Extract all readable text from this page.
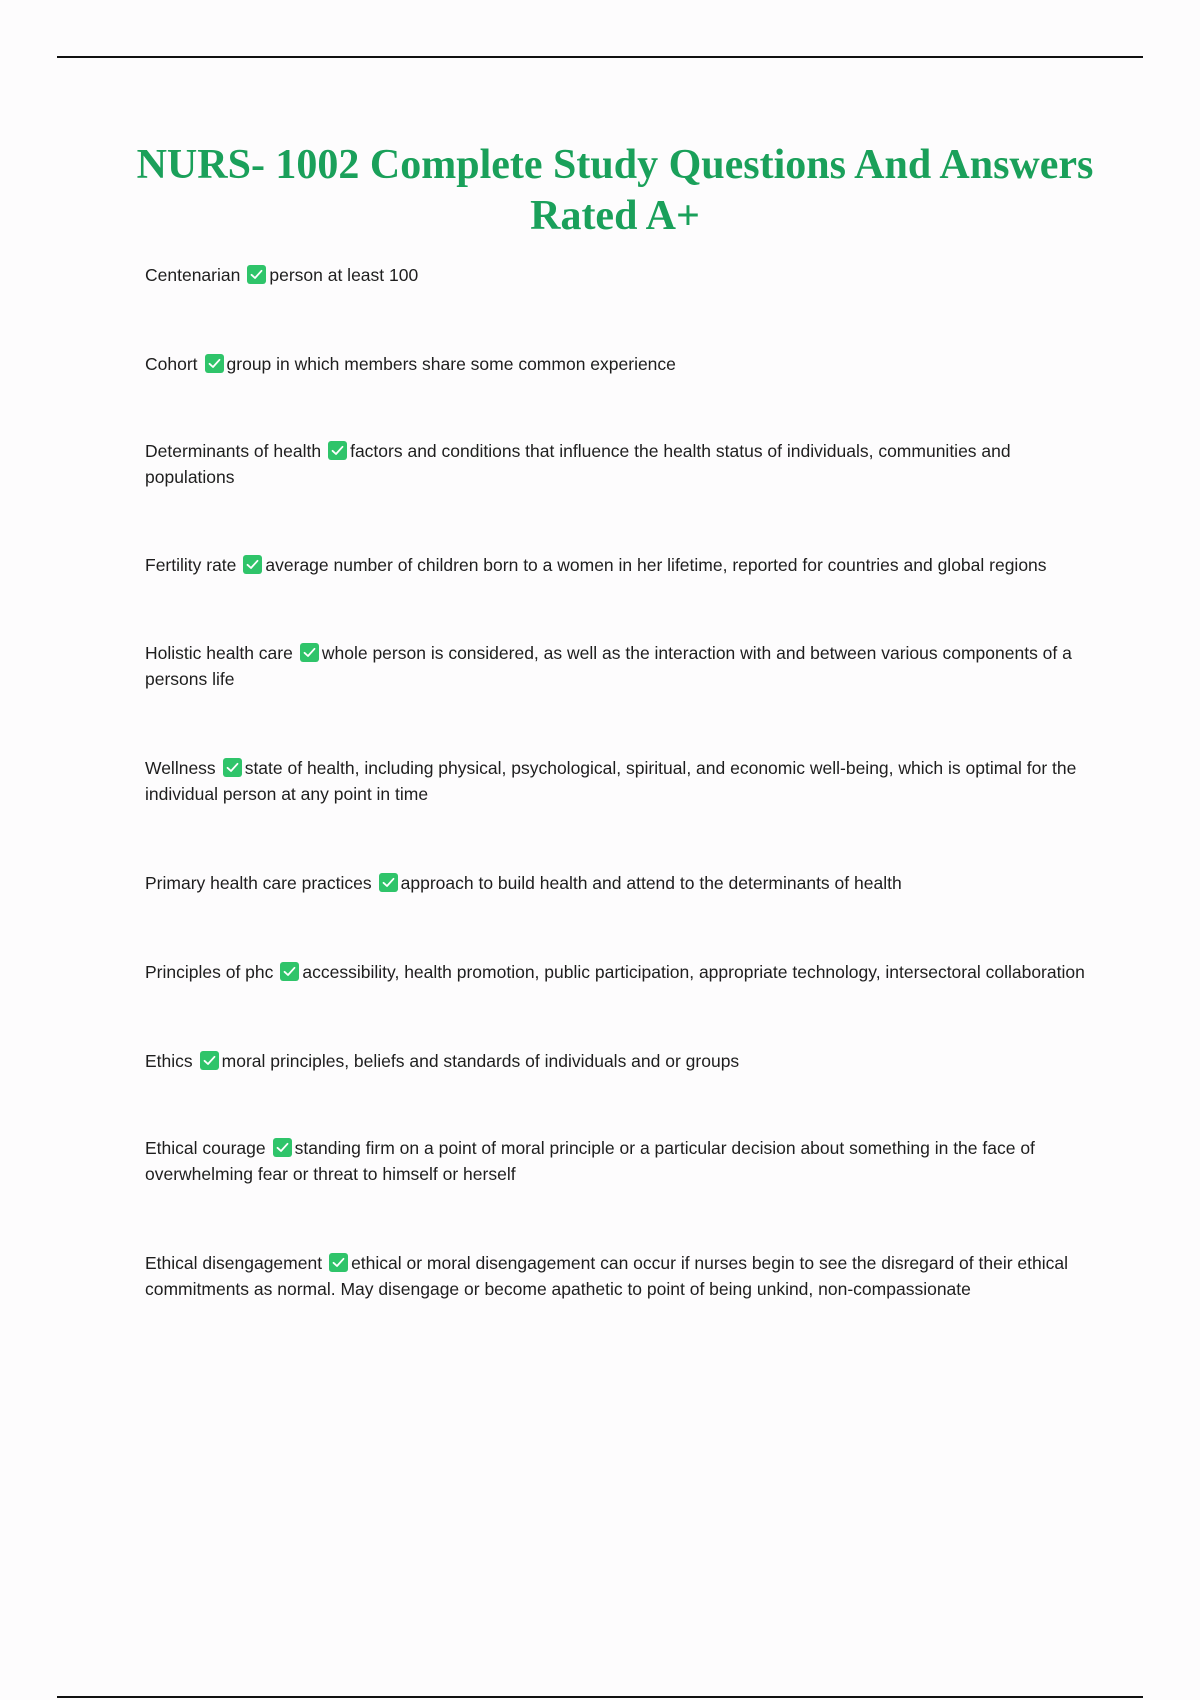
NURS- 1002 Complete Study Questions And Answers Rated A+
Centenarian person at least 100
Cohort group in which members share some common experience
Determinants of health factors and conditions that influence the health status of individuals, communities and populations
Fertility rate average number of children born to a women in her lifetime, reported for countries and global regions
Holistic health care whole person is considered, as well as the interaction with and between various components of a persons life
Wellness state of health, including physical, psychological, spiritual, and economic well-being, which is optimal for the individual person at any point in time
Primary health care practices approach to build health and attend to the determinants of health
Principles of phc accessibility, health promotion, public participation, appropriate technology, intersectoral collaboration
Ethics moral principles, beliefs and standards of individuals and or groups
Ethical courage standing firm on a point of moral principle or a particular decision about something in the face of overwhelming fear or threat to himself or herself
Ethical disengagement ethical or moral disengagement can occur if nurses begin to see the disregard of their ethical commitments as normal. May disengage or become apathetic to point of being unkind, non-compassionate
